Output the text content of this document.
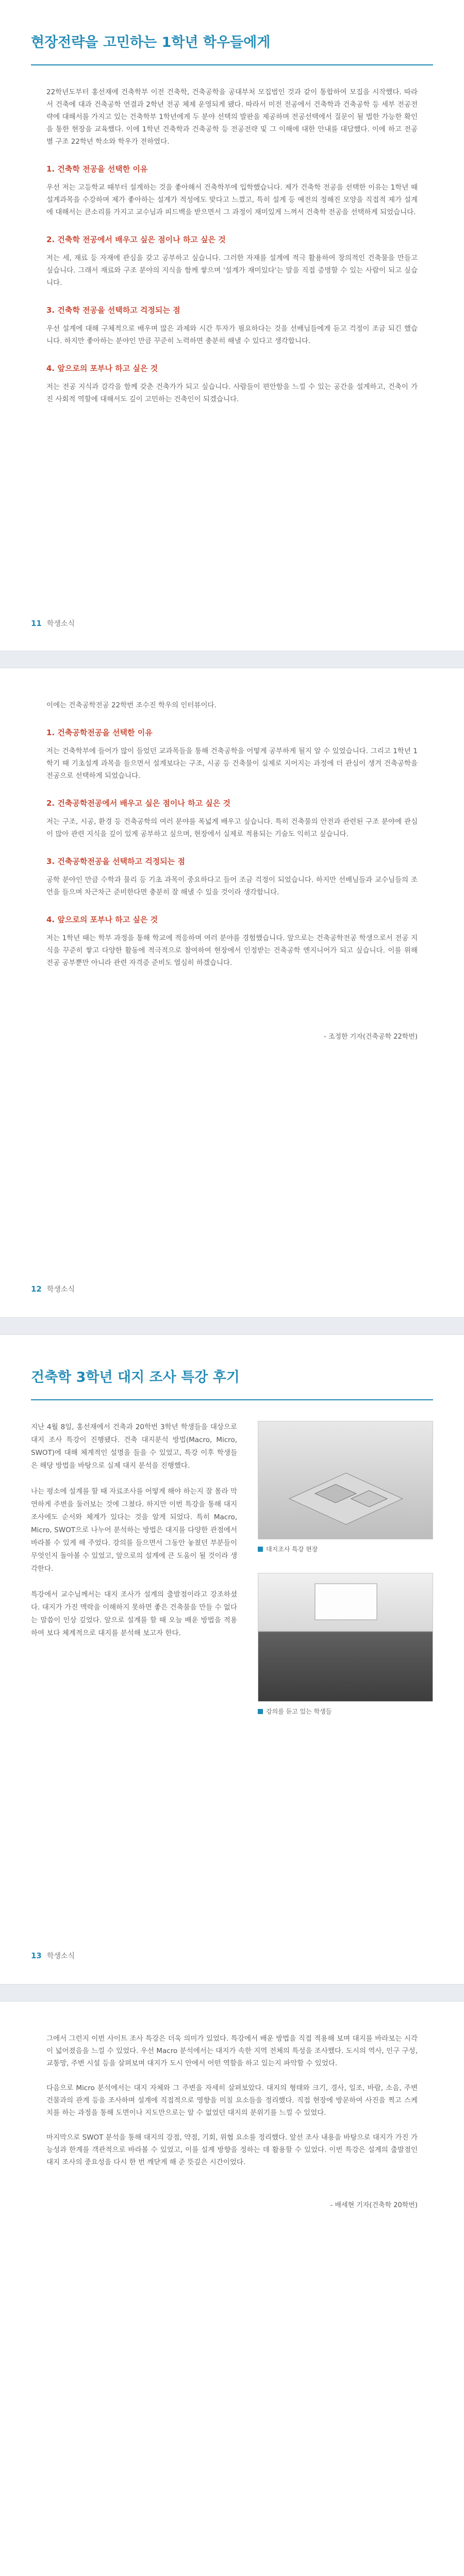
현장전략을 고민하는 1학년 학우들에게

22학년도부터 홍선재에 건축학부 이전 건축학, 건축공학을 공대부처 모집범인 것과 같이 통합하여 모집을 시작했다. 따라서 건축에 대과 건축공학 연결과 2학년 전공 체제 운영되게 됐다. 따라서 미전 전공에서 건축학과 건축공학 등 세부 전공전략에 대해서를 가지고 있는 건축학부 1학년에게 두 분야 선택의 발판을 제공하며 전공선택에서 질문이 될 법한 가능한 확인을 통한 현장을 교육했다. 이에 1학년 건축학과 건축공학 등 전공전략 및 그 이해에 대한 안내를 대담했다. 이에 하고 전공별 구조 22학년 학소와 학우가 전하였다.

1. 건축학 전공을 선택한 이유

우선 저는 고등학교 때부터 설계하는 것을 좋아해서 건축학부에 입학했습니다. 제가 건축학 전공을 선택한 이유는 1학년 때 설계과목을 수강하며 제가 좋아하는 설계가 적성에도 맞다고 느꼈고, 특히 설계 등 예전의 정해진 모양을 직접적 제가 설계에 대해서는 큰소리를 가지고 교수님과 피드백을 받으면서 그 과정이 재미있게 느껴서 건축학 전공을 선택하게 되었습니다.

2. 건축학 전공에서 배우고 싶은 점이나 하고 싶은 것

저는 세, 재료 등 자재에 관심을 갖고 공부하고 싶습니다. 그러한 자재를 설계에 적극 활용하여 창의적인 건축물을 만들고 싶습니다. 그래서 재료와 구조 분야의 지식을 함께 쌓으며 '설계가 재미있다'는 말을 직접 증명할 수 있는 사람이 되고 싶습니다.

3. 건축학 전공을 선택하고 걱정되는 점

우선 설계에 대해 구체적으로 배우며 많은 과제와 시간 투자가 필요하다는 것을 선배님들에게 듣고 걱정이 조금 되긴 했습니다. 하지만 좋아하는 분야인 만큼 꾸준히 노력하면 충분히 해낼 수 있다고 생각합니다.

4. 앞으로의 포부나 하고 싶은 것

저는 전공 지식과 감각을 함께 갖춘 건축가가 되고 싶습니다. 사람들이 편안함을 느낄 수 있는 공간을 설계하고, 건축이 가진 사회적 역할에 대해서도 깊이 고민하는 건축인이 되겠습니다.

11 학생소식

이에는 건축공학전공 22학번 조수진 학우의 인터뷰이다.

1. 건축공학전공을 선택한 이유

저는 건축학부에 들어가 많이 들었던 교과목들을 통해 건축공학을 어떻게 공부하게 될지 알 수 있었습니다. 그리고 1학년 1학기 때 기초설계 과목을 들으면서 설계보다는 구조, 시공 등 건축물이 실제로 지어지는 과정에 더 관심이 생겨 건축공학을 전공으로 선택하게 되었습니다.

2. 건축공학전공에서 배우고 싶은 점이나 하고 싶은 것

저는 구조, 시공, 환경 등 건축공학의 여러 분야를 폭넓게 배우고 싶습니다. 특히 건축물의 안전과 관련된 구조 분야에 관심이 많아 관련 지식을 깊이 있게 공부하고 싶으며, 현장에서 실제로 적용되는 기술도 익히고 싶습니다.

3. 건축공학전공을 선택하고 걱정되는 점

공학 분야인 만큼 수학과 물리 등 기초 과목이 중요하다고 들어 조금 걱정이 되었습니다. 하지만 선배님들과 교수님들의 조언을 들으며 차근차근 준비한다면 충분히 잘 해낼 수 있을 것이라 생각합니다.

4. 앞으로의 포부나 하고 싶은 것

저는 1학년 때는 학부 과정을 통해 학교에 적응하며 여러 분야를 경험했습니다. 앞으로는 건축공학전공 학생으로서 전공 지식을 꾸준히 쌓고 다양한 활동에 적극적으로 참여하여 현장에서 인정받는 건축공학 엔지니어가 되고 싶습니다. 이를 위해 전공 공부뿐만 아니라 관련 자격증 준비도 열심히 하겠습니다.

- 조정한 기자(건축공학 22학번)
12 학생소식
건축학 3학년 대지 조사 특강 후기

지난 4월 8일, 홍선재에서 건축과 20학번 3학년 학생들을 대상으로 대지 조사 특강이 진행됐다. 건축 대지분석 방법(Macro, Micro, SWOT)에 대해 체계적인 설명을 들을 수 있었고, 특강 이후 학생들은 해당 방법을 바탕으로 실제 대지 분석을 진행했다.

나는 평소에 설계를 할 때 자료조사를 어떻게 해야 하는지 잘 몰라 막연하게 주변을 둘러보는 것에 그쳤다. 하지만 이번 특강을 통해 대지 조사에도 순서와 체계가 있다는 것을 알게 되었다. 특히 Macro, Micro, SWOT으로 나누어 분석하는 방법은 대지를 다양한 관점에서 바라볼 수 있게 해 주었다. 강의를 들으면서 그동안 놓쳤던 부분들이 무엇인지 돌아볼 수 있었고, 앞으로의 설계에 큰 도움이 될 것이라 생각한다.

특강에서 교수님께서는 대지 조사가 설계의 출발점이라고 강조하셨다. 대지가 가진 맥락을 이해하지 못하면 좋은 건축물을 만들 수 없다는 말씀이 인상 깊었다. 앞으로 설계를 할 때 오늘 배운 방법을 적용하여 보다 체계적으로 대지를 분석해 보고자 한다.

대지조사 특강 현장
강의를 듣고 있는 학생들
13 학생소식

그에서 그런지 이번 사이트 조사 특강은 더욱 의미가 있었다. 특강에서 배운 방법을 직접 적용해 보며 대지를 바라보는 시각이 넓어졌음을 느낄 수 있었다. 우선 Macro 분석에서는 대지가 속한 지역 전체의 특성을 조사했다. 도시의 역사, 인구 구성, 교통망, 주변 시설 등을 살펴보며 대지가 도시 안에서 어떤 역할을 하고 있는지 파악할 수 있었다.

다음으로 Micro 분석에서는 대지 자체와 그 주변을 자세히 살펴보았다. 대지의 형태와 크기, 경사, 일조, 바람, 소음, 주변 건물과의 관계 등을 조사하며 설계에 직접적으로 영향을 미칠 요소들을 정리했다. 직접 현장에 방문하여 사진을 찍고 스케치를 하는 과정을 통해 도면이나 지도만으로는 알 수 없었던 대지의 분위기를 느낄 수 있었다.

마지막으로 SWOT 분석을 통해 대지의 강점, 약점, 기회, 위협 요소를 정리했다. 앞선 조사 내용을 바탕으로 대지가 가진 가능성과 한계를 객관적으로 바라볼 수 있었고, 이를 설계 방향을 정하는 데 활용할 수 있었다. 이번 특강은 설계의 출발점인 대지 조사의 중요성을 다시 한 번 깨닫게 해 준 뜻깊은 시간이었다.

- 배세현 기자(건축학 20학번)
